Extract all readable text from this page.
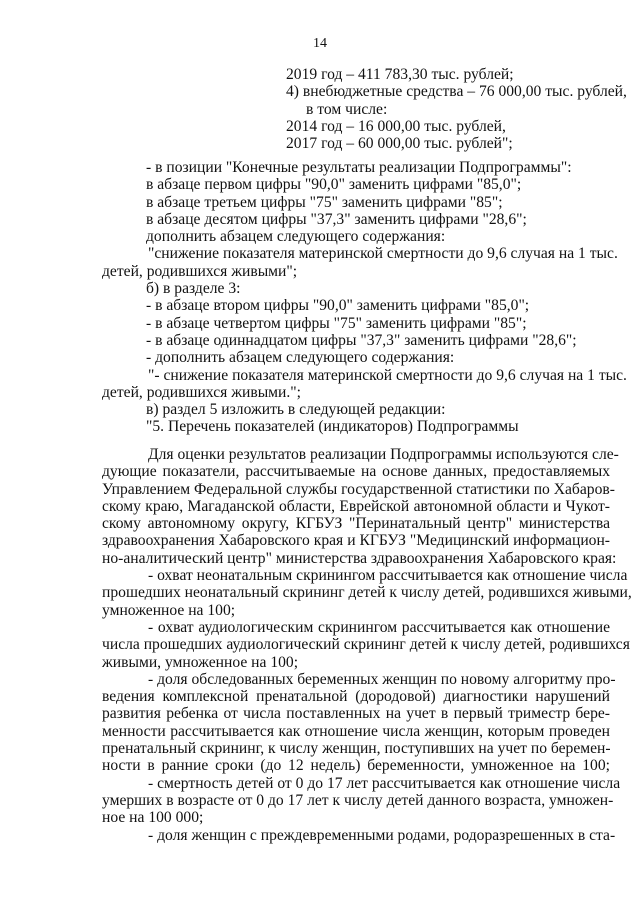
14
2019 год – 411 783,30 тыс. рублей;
4) внебюджетные средства – 76 000,00 тыс. рублей,
в том числе:
2014 год – 16 000,00 тыс. рублей,
2017 год – 60 000,00 тыс. рублей";
- в позиции "Конечные результаты реализации Подпрограммы":
в абзаце первом цифры "90,0" заменить цифрами "85,0";
в абзаце третьем цифры "75" заменить цифрами "85";
в абзаце десятом цифры "37,3" заменить цифрами "28,6";
дополнить абзацем следующего содержания:
"снижение показателя материнской смертности до 9,6 случая на 1 тыс.
детей, родившихся живыми";
б) в разделе 3:
- в абзаце втором цифры "90,0" заменить цифрами "85,0";
- в абзаце четвертом цифры "75" заменить цифрами "85";
- в абзаце одиннадцатом цифры "37,3" заменить цифрами "28,6";
- дополнить абзацем следующего содержания:
"- снижение показателя материнской смертности до 9,6 случая на 1 тыс.
детей, родившихся живыми.";
в) раздел 5 изложить в следующей редакции:
"5. Перечень показателей (индикаторов) Подпрограммы
Для оценки результатов реализации Подпрограммы используются сле-
дующие показатели, рассчитываемые на основе данных, предоставляемых
Управлением Федеральной службы государственной статистики по Хабаров-
скому краю, Магаданской области, Еврейской автономной области и Чукот-
скому автономному округу, КГБУЗ "Перинатальный центр" министерства
здравоохранения Хабаровского края и КГБУЗ "Медицинский информацион-
но-аналитический центр" министерства здравоохранения Хабаровского края:
- охват неонатальным скринингом рассчитывается как отношение числа
прошедших неонатальный скрининг детей к числу детей, родившихся живыми,
умноженное на 100;
- охват аудиологическим скринингом рассчитывается как отношение
числа прошедших аудиологический скрининг детей к числу детей, родившихся
живыми, умноженное на 100;
- доля обследованных беременных женщин по новому алгоритму про-
ведения комплексной пренатальной (дородовой) диагностики нарушений
развития ребенка от числа поставленных на учет в первый триместр бере-
менности рассчитывается как отношение числа женщин, которым проведен
пренатальный скрининг, к числу женщин, поступивших на учет по беремен-
ности в ранние сроки (до 12 недель) беременности, умноженное на 100;
- смертность детей от 0 до 17 лет рассчитывается как отношение числа
умерших в возрасте от 0 до 17 лет к числу детей данного возраста, умножен-
ное на 100 000;
- доля женщин с преждевременными родами, родоразрешенных в ста-
